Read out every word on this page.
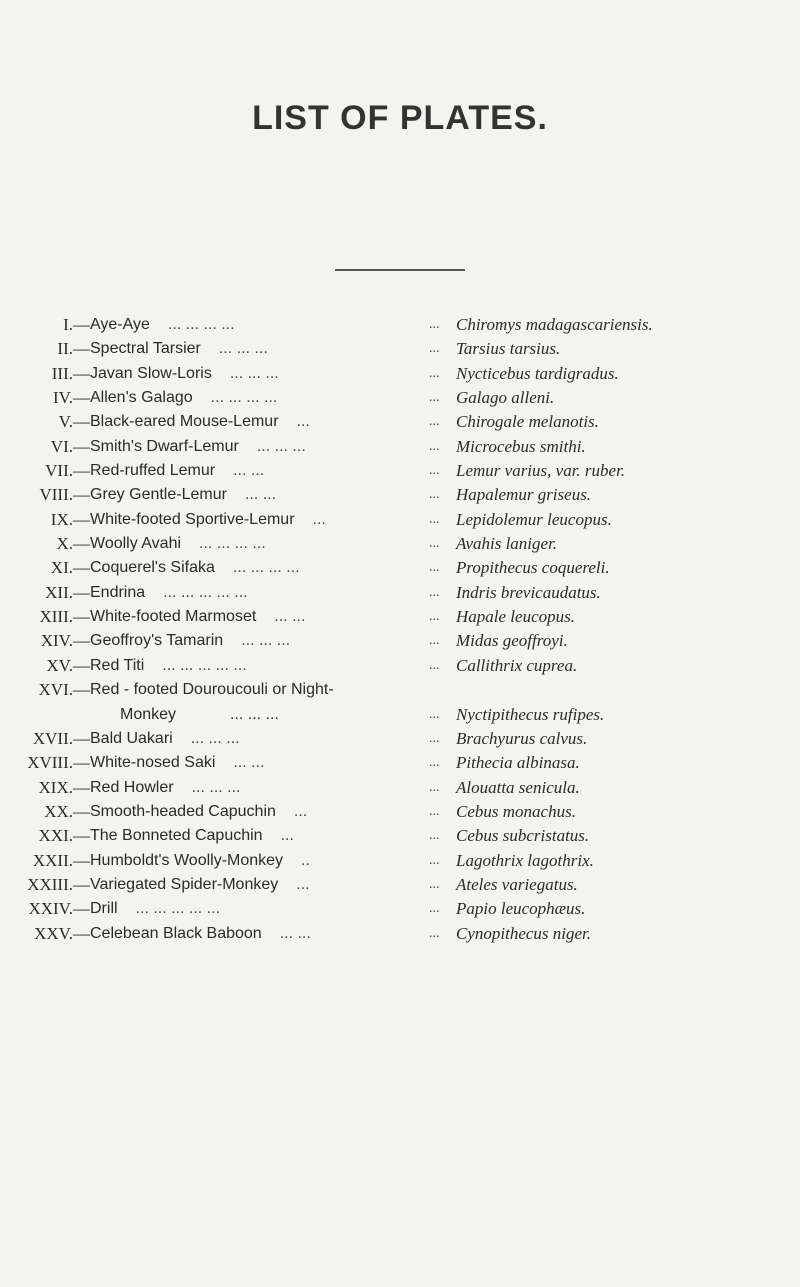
LIST OF PLATES.
I. — Aye-Aye ... ... ... ...	... Chiromys madagascariensis.
II. — Spectral Tarsier ... ... ...	... Tarsius tarsius.
III. — Javan Slow-Loris ... ... ...	... Nycticebus tardigradus.
IV. — Allen's Galago ... ... ... ...	... Galago alleni.
V. — Black-eared Mouse-Lemur ...	... Chirogale melanotis.
VI. — Smith's Dwarf-Lemur ... ... ...	... Microcebus smithi.
VII. — Red-ruffed Lemur ... ...	... Lemur varius, var. ruber.
VIII. — Grey Gentle-Lemur ... ...	... Hapalemur griseus.
IX. — White-footed Sportive-Lemur ...	... Lepidolemur leucopus.
X. — Woolly Avahi ... ... ... ...	... Avahis laniger.
XI. — Coquerel's Sifaka ... ... ... ...	... Propithecus coquereli.
XII. — Endrina ... ... ... ... ...	... Indris brevicaudatus.
XIII. — White-footed Marmoset ... ...	... Hapale leucopus.
XIV. — Geoffroy's Tamarin ... ... ...	... Midas geoffroyi.
XV. — Red Titi ... ... ... ... ...	... Callithrix cuprea.
XVI. — Red - footed Douroucouli or Night-
Monkey	... ... ...	... Nyctipithecus rufipes.
XVII. — Bald Uakari ... ... ...	... Brachyurus calvus.
XVIII. — White-nosed Saki ... ...	... Pithecia albinasa.
XIX. — Red Howler ... ... ...	... Alouatta senicula.
XX. — Smooth-headed Capuchin ...	... Cebus monachus.
XXI. — The Bonneted Capuchin ...	... Cebus subcristatus.
XXII. — Humboldt's Woolly-Monkey ..	... Lagothrix lagothrix.
XXIII. — Variegated Spider-Monkey ...	... Ateles variegatus.
XXIV. — Drill ... ... ... ... ...	... Papio leucophæus.
XXV. — Celebean Black Baboon ... ...	... Cynopithecus niger.
